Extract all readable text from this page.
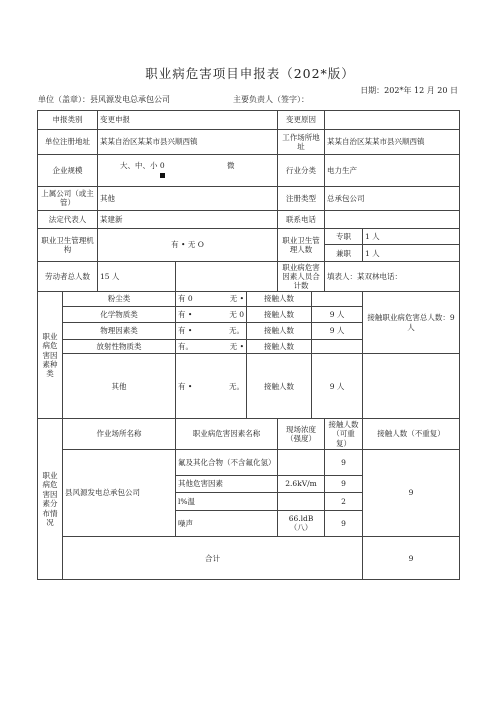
职业病危害项目申报表（202*版）
日期：202*年 12 月 20 日
单位（盖章）：县风源发电总承包公司	主要负责人（签字）：
申报类别		变更申报			变更原因			
单位注册地址		某某自治区某某市县兴顺西镇			工作场所地址		某某自治区某某市县兴顺西镇	
企业规模		大、中、小 0 微			行业分类		电力生产	
上属公司（或主管）		其他			注册类型		总承包公司	
法定代表人		某建新			联系电话			
职业卫生管理机构		有 • 无 O			职业卫生管理人数		专职	1 人
							兼职	1 人
劳动者总人数		15 人			职业病危害因素人员合计数		填表人：某双林电话：	
职业病危害因素种类	粉尘类		有 0 无 •	接触人数				接触职业病危害总人数：9 人
	化学物质类		有 • 无 0	接触人数		9 人		
	物理因素类		有 • 无。	接触人数		9 人		
	放射性物质类		有。 无 •	接触人数				
	其他		有 • 无。	接触人数		9 人		
职业病危害因素分布情况	作业场所名称		职业病危害因素名称		现场浓度（强度）		接触人数（可重复）	接触人数（不重复）
	县风源发电总承包公司		氟及其化合物（不含氟化氢）				9	9
			其他危害因素		2.6kV/m		9	
			l%温				2	
			噪声		66.ldB（八）		9	
	合计							9
